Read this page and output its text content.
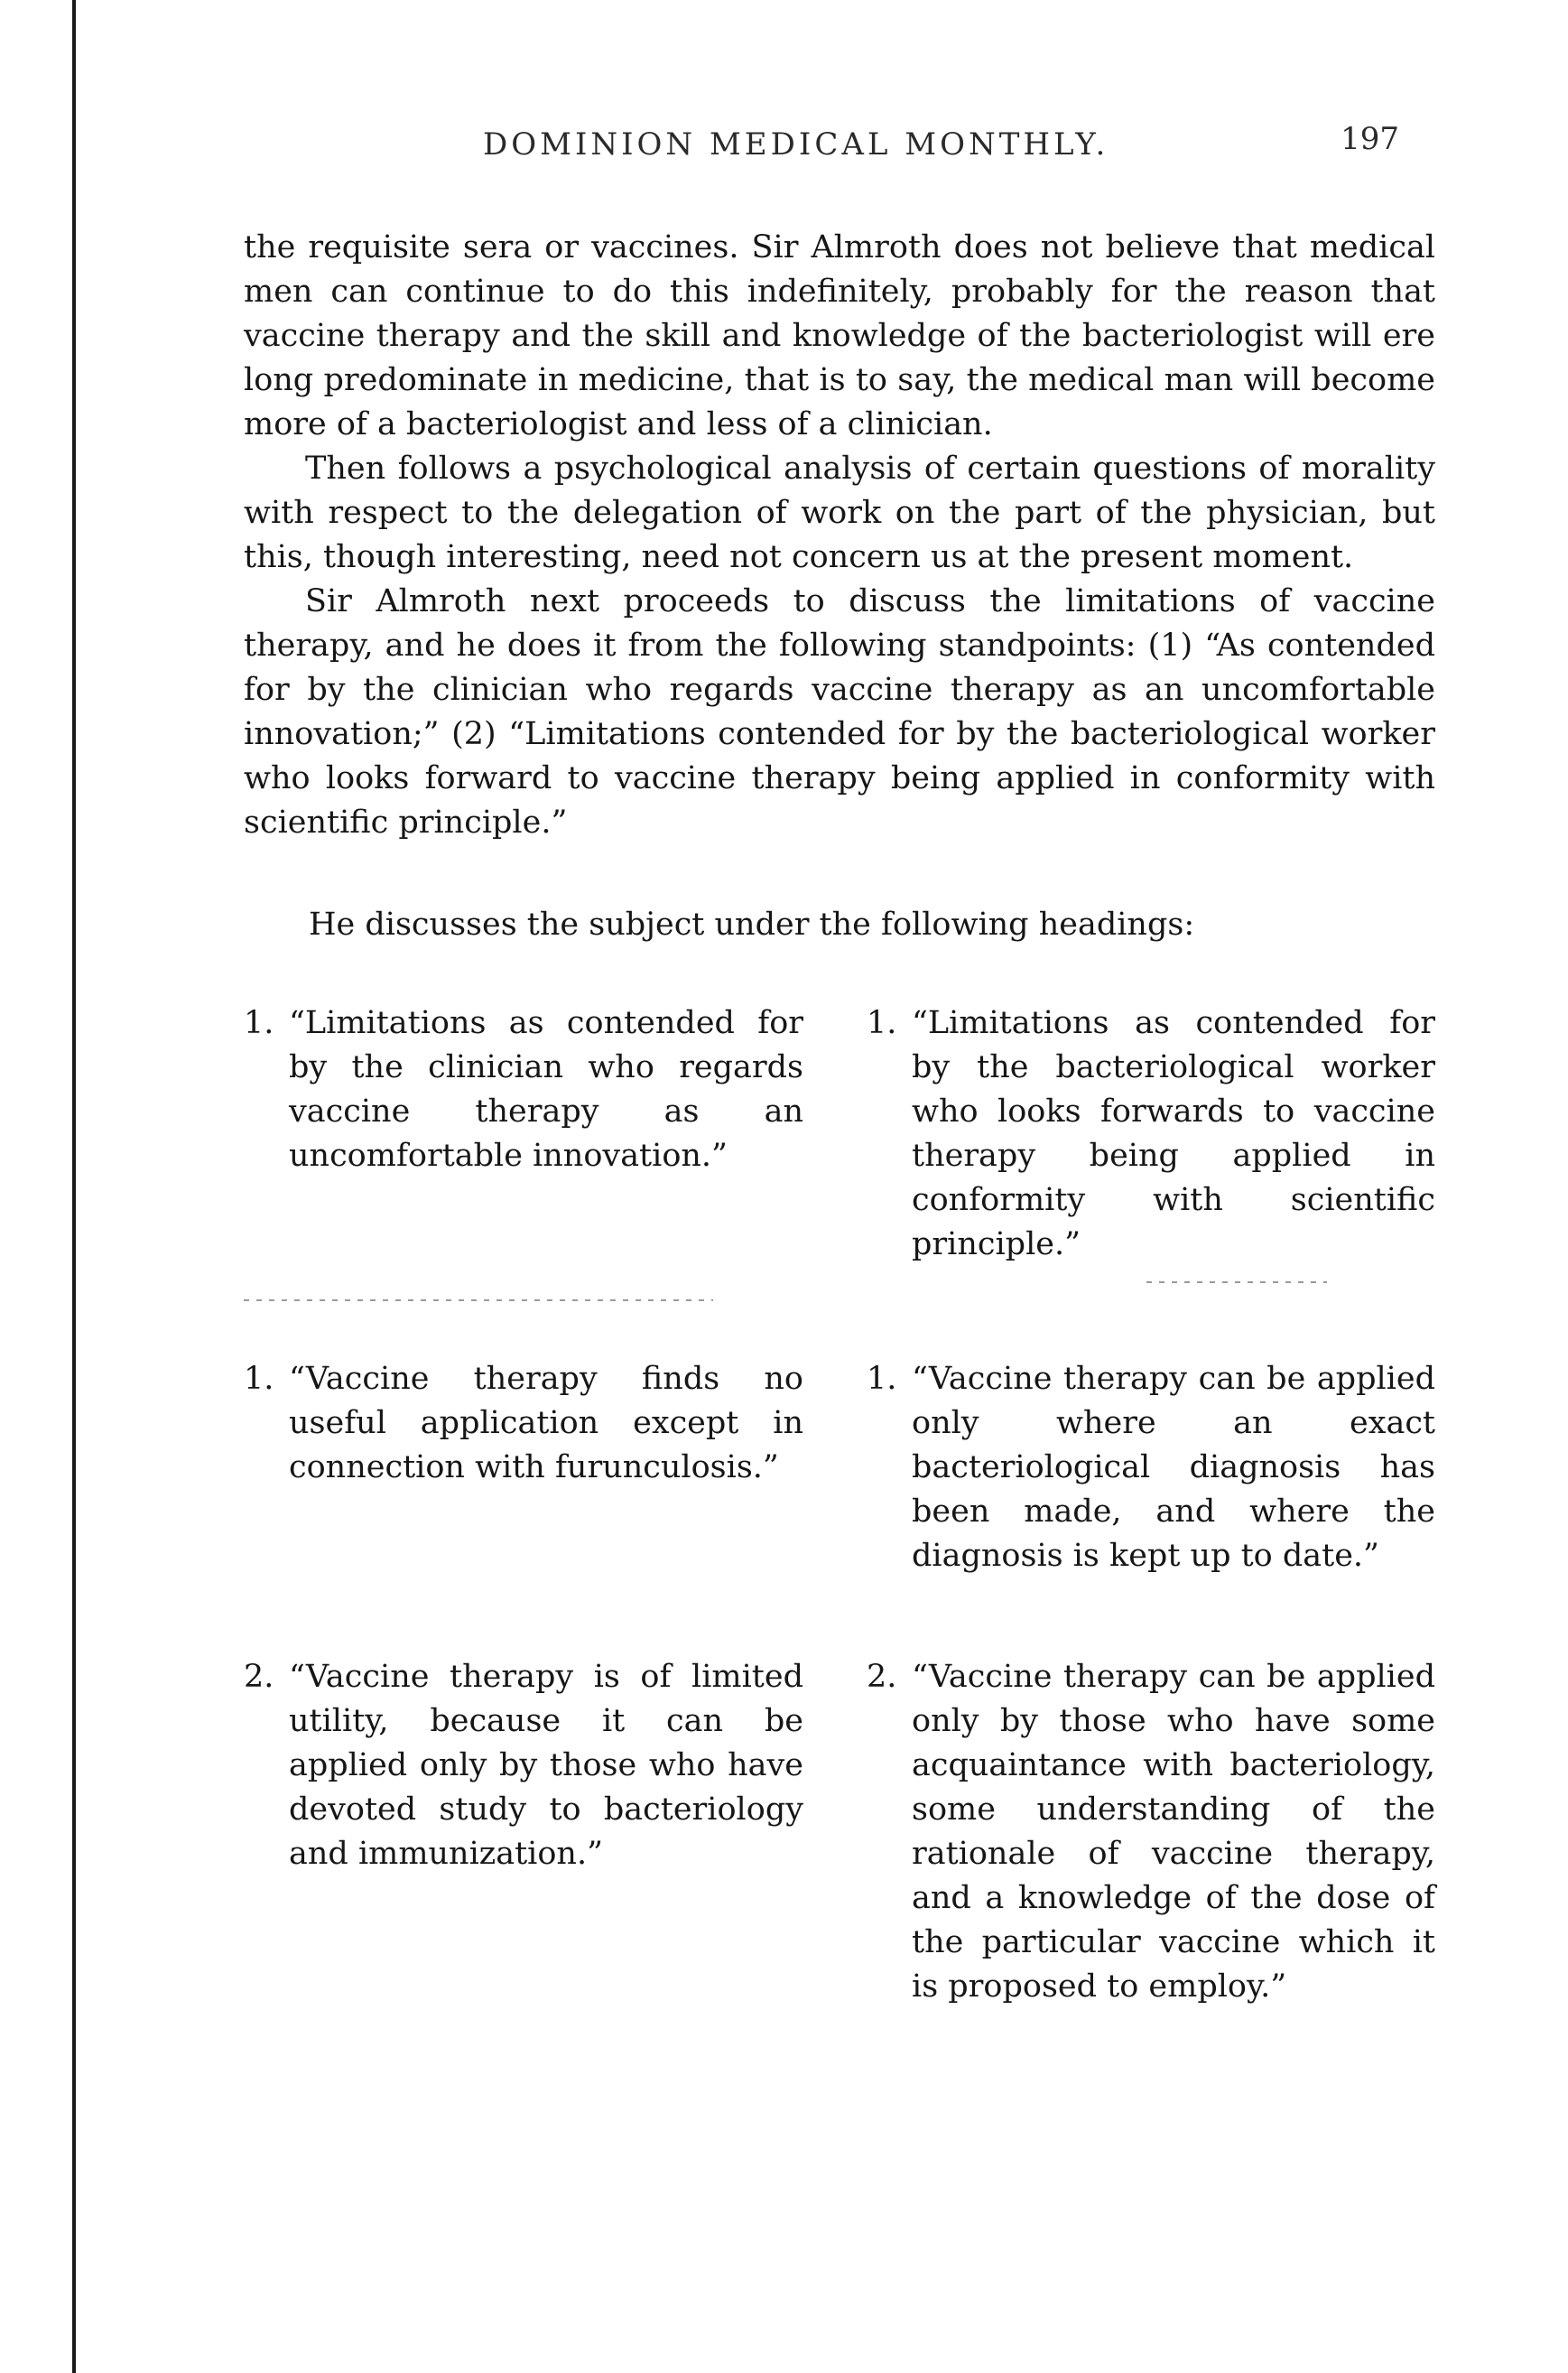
DOMINION MEDICAL MONTHLY.	197

the requisite sera or vaccines. Sir Almroth does not believe that medical men can continue to do this indefinitely, probably for the reason that vaccine therapy and the skill and knowledge of the bacteriologist will ere long predominate in medicine, that is to say, the medical man will become more of a bacteriologist and less of a clinician.

Then follows a psychological analysis of certain questions of morality with respect to the delegation of work on the part of the physician, but this, though interesting, need not concern us at the present moment.

Sir Almroth next proceeds to discuss the limitations of vaccine therapy, and he does it from the following standpoints: (1) “As contended for by the clinician who regards vaccine therapy as an uncomfortable innovation;” (2) “Limitations contended for by the bacteriological worker who looks forward to vaccine therapy being applied in conformity with scientific principle.”

He discusses the subject under the following headings:

1. “Limitations as contended for by the clinician who regards vaccine therapy as an uncomfortable innovation.”
1. “Limitations as contended for by the bacteriological worker who looks forwards to vaccine therapy being applied in conformity with scientific principle.”
1. “Vaccine therapy finds no useful application except in connection with furunculosis.”
1. “Vaccine therapy can be applied only where an exact bacteriological diagnosis has been made, and where the diagnosis is kept up to date.”
2. “Vaccine therapy is of limited utility, because it can be applied only by those who have devoted study to bacteriology and immunization.”
2. “Vaccine therapy can be applied only by those who have some acquaintance with bacteriology, some understanding of the rationale of vaccine therapy, and a knowledge of the dose of the particular vaccine which it is proposed to employ.”
